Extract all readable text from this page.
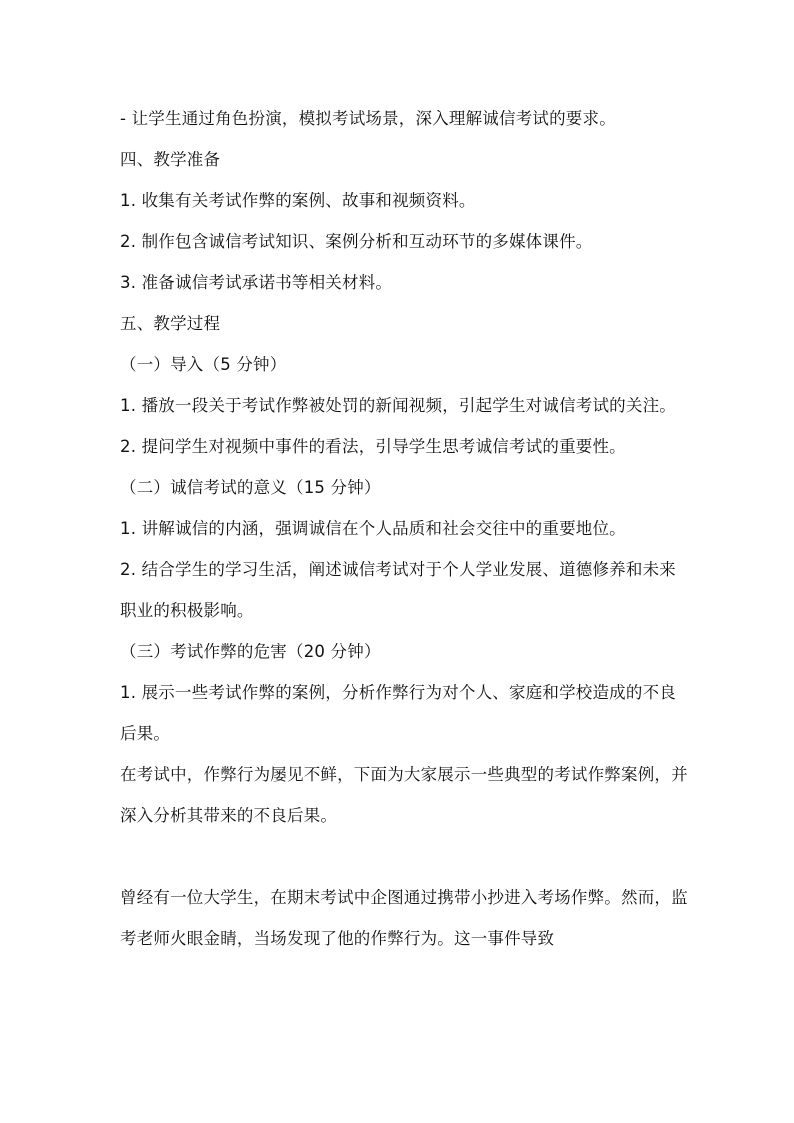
- 让学生通过角色扮演，模拟考试场景，深入理解诚信考试的要求。

四、教学准备

1. 收集有关考试作弊的案例、故事和视频资料。

2. 制作包含诚信考试知识、案例分析和互动环节的多媒体课件。

3. 准备诚信考试承诺书等相关材料。

五、教学过程

（一）导入（5 分钟）

1. 播放一段关于考试作弊被处罚的新闻视频，引起学生对诚信考试的关注。

2. 提问学生对视频中事件的看法，引导学生思考诚信考试的重要性。

（二）诚信考试的意义（15 分钟）

1. 讲解诚信的内涵，强调诚信在个人品质和社会交往中的重要地位。

2. 结合学生的学习生活，阐述诚信考试对于个人学业发展、道德修养和未来职业的积极影响。

（三）考试作弊的危害（20 分钟）

1. 展示一些考试作弊的案例，分析作弊行为对个人、家庭和学校造成的不良后果。

在考试中，作弊行为屡见不鲜，下面为大家展示一些典型的考试作弊案例，并深入分析其带来的不良后果。

曾经有一位大学生，在期末考试中企图通过携带小抄进入考场作弊。然而，监考老师火眼金睛，当场发现了他的作弊行为。这一事件导致
